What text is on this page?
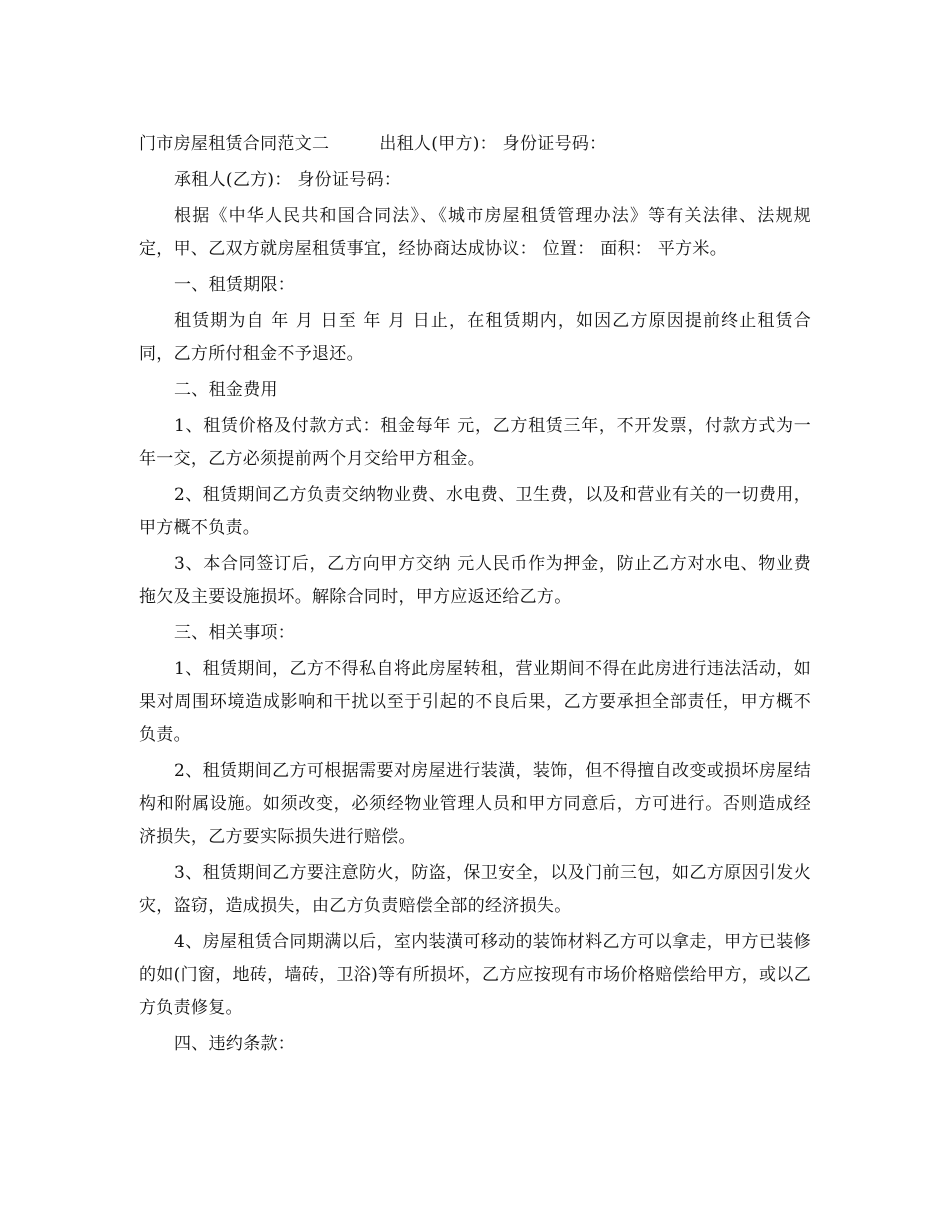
门市房屋租赁合同范文二	出租人(甲方)： 身份证号码：

承租人(乙方)： 身份证号码：

根据《中华人民共和国合同法》、《城市房屋租赁管理办法》等有关法律、法规规定，甲、乙双方就房屋租赁事宜，经协商达成协议： 位置： 面积： 平方米。

一、租赁期限：

租赁期为自 年 月 日至 年 月 日止，在租赁期内，如因乙方原因提前终止租赁合同，乙方所付租金不予退还。

二、租金费用

1、租赁价格及付款方式：租金每年 元，乙方租赁三年，不开发票，付款方式为一年一交，乙方必须提前两个月交给甲方租金。

2、租赁期间乙方负责交纳物业费、水电费、卫生费，以及和营业有关的一切费用，甲方概不负责。

3、本合同签订后，乙方向甲方交纳 元人民币作为押金，防止乙方对水电、物业费拖欠及主要设施损坏。解除合同时，甲方应返还给乙方。

三、相关事项：

1、租赁期间，乙方不得私自将此房屋转租，营业期间不得在此房进行违法活动，如果对周围环境造成影响和干扰以至于引起的不良后果，乙方要承担全部责任，甲方概不负责。

2、租赁期间乙方可根据需要对房屋进行装潢，装饰，但不得擅自改变或损坏房屋结构和附属设施。如须改变，必须经物业管理人员和甲方同意后，方可进行。否则造成经济损失，乙方要实际损失进行赔偿。

3、租赁期间乙方要注意防火，防盗，保卫安全，以及门前三包，如乙方原因引发火灾，盗窃，造成损失，由乙方负责赔偿全部的经济损失。

4、房屋租赁合同期满以后，室内装潢可移动的装饰材料乙方可以拿走，甲方已装修的如(门窗，地砖，墙砖，卫浴)等有所损坏，乙方应按现有市场价格赔偿给甲方，或以乙方负责修复。

四、违约条款：
